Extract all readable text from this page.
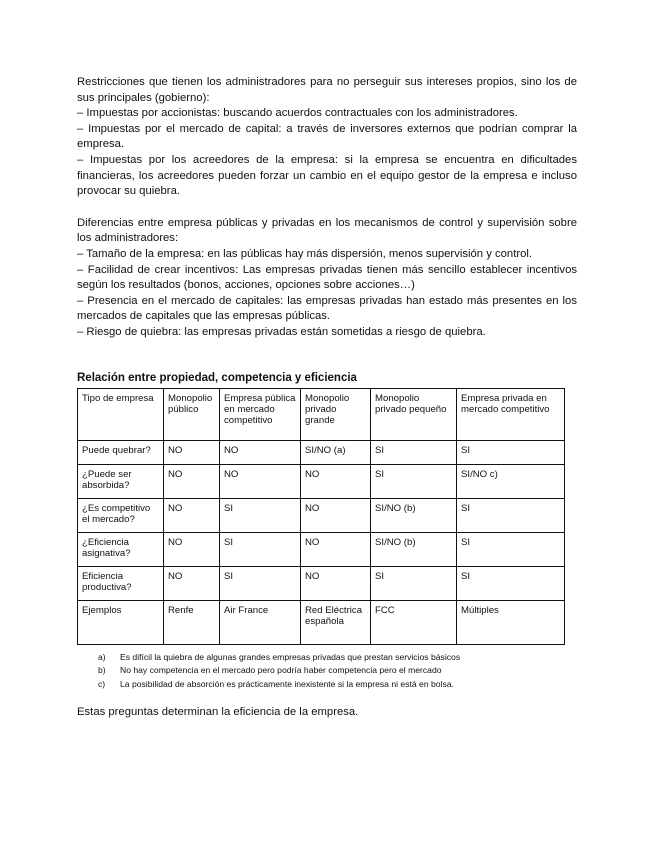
Restricciones que tienen los administradores para no perseguir sus intereses propios, sino los de sus principales (gobierno):

– Impuestas por accionistas: buscando acuerdos contractuales con los administradores.

– Impuestas por el mercado de capital: a través de inversores externos que podrían comprar la empresa.

– Impuestas por los acreedores de la empresa: si la empresa se encuentra en dificultades financieras, los acreedores pueden forzar un cambio en el equipo gestor de la empresa e incluso provocar su quiebra.

Diferencias entre empresa públicas y privadas en los mecanismos de control y supervisión sobre los administradores:

– Tamaño de la empresa: en las públicas hay más dispersión, menos supervisión y control.

– Facilidad de crear incentivos: Las empresas privadas tienen más sencillo establecer incentivos según los resultados (bonos, acciones, opciones sobre acciones…)

– Presencia en el mercado de capitales: las empresas privadas han estado más presentes en los mercados de capitales que las empresas públicas.

– Riesgo de quiebra: las empresas privadas están sometidas a riesgo de quiebra.

Relación entre propiedad, competencia y eficiencia

Tipo de empresa	Monopolio público	Empresa pública en mercado competitivo	Monopolio privado grande	Monopolio privado pequeño	Empresa privada en mercado competitivo
Puede quebrar?	NO	NO	SI/NO (a)	SI	SI
¿Puede ser absorbida?	NO	NO	NO	SI	SI/NO c)
¿Es competitivo el mercado?	NO	SI	NO	SI/NO (b)	SI
¿Eficiencia asignativa?	NO	SI	NO	SI/NO (b)	SI
Eficiencia productiva?	NO	SI	NO	SI	SI
Ejemplos	Renfe	Air France	Red Eléctrica española	FCC	Múltiples
a)	Es difícil la quiebra de algunas grandes empresas privadas que prestan servicios básicos
b)	No hay competencia en el mercado pero podría haber competencia pero el mercado
c)	La posibilidad de absorción es prácticamente inexistente si la empresa ni está en bolsa.

Estas preguntas determinan la eficiencia de la empresa.
